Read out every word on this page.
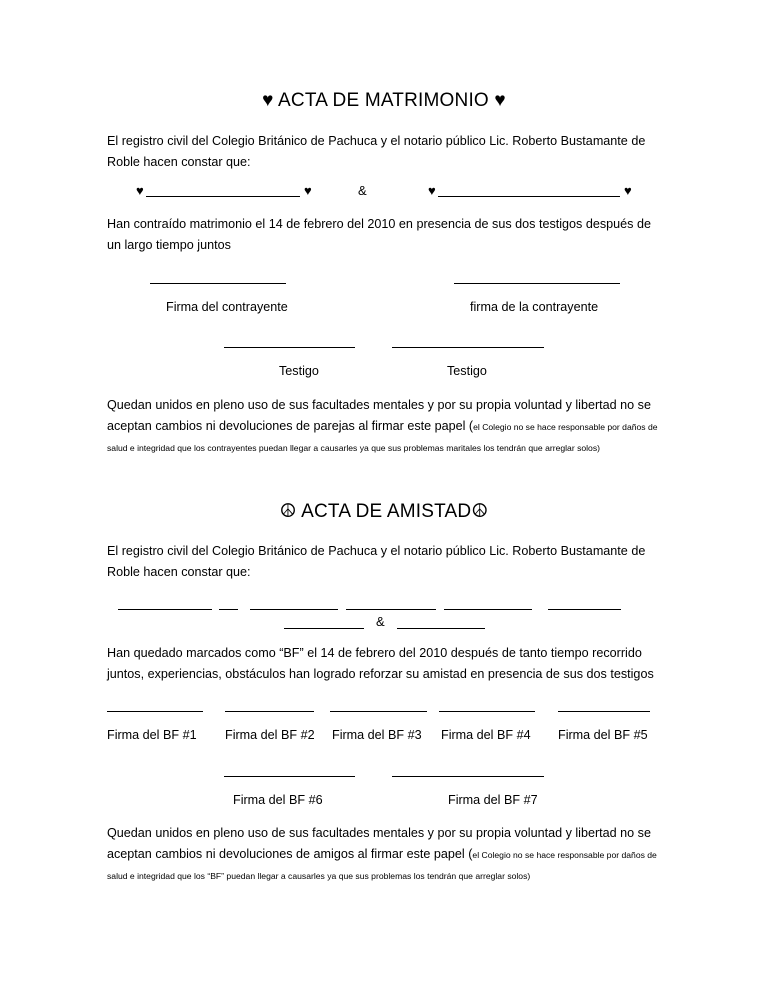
♥ ACTA DE MATRIMONIO ♥
El registro civil del Colegio Británico de Pachuca y el notario público Lic. Roberto Bustamante de Roble hacen constar que:
♥	♥	&	♥	♥
Han contraído matrimonio el 14 de febrero del 2010 en presencia de sus dos testigos después de un largo tiempo juntos
Firma del contrayente	firma de la contrayente
Testigo	Testigo
Quedan unidos en pleno uso de sus facultades mentales y por su propia voluntad y libertad no se aceptan cambios ni devoluciones de parejas al firmar este papel (el Colegio no se hace responsable por daños de salud e integridad que los contrayentes puedan llegar a causarles ya que sus problemas maritales los tendrán que arreglar solos)
☮ ACTA DE AMISTAD☮
El registro civil del Colegio Británico de Pachuca y el notario público Lic. Roberto Bustamante de Roble hacen constar que:
&
Han quedado marcados como “BF” el 14 de febrero del 2010 después de tanto tiempo recorrido juntos, experiencias, obstáculos han logrado reforzar su amistad en presencia de sus dos testigos
Firma del BF #1 Firma del BF #2 Firma del BF #3 Firma del BF #4 Firma del BF #5
Firma del BF #6	Firma del BF #7
Quedan unidos en pleno uso de sus facultades mentales y por su propia voluntad y libertad no se aceptan cambios ni devoluciones de amigos al firmar este papel (el Colegio no se hace responsable por daños de salud e integridad que los “BF” puedan llegar a causarles ya que sus problemas los tendrán que arreglar solos)
